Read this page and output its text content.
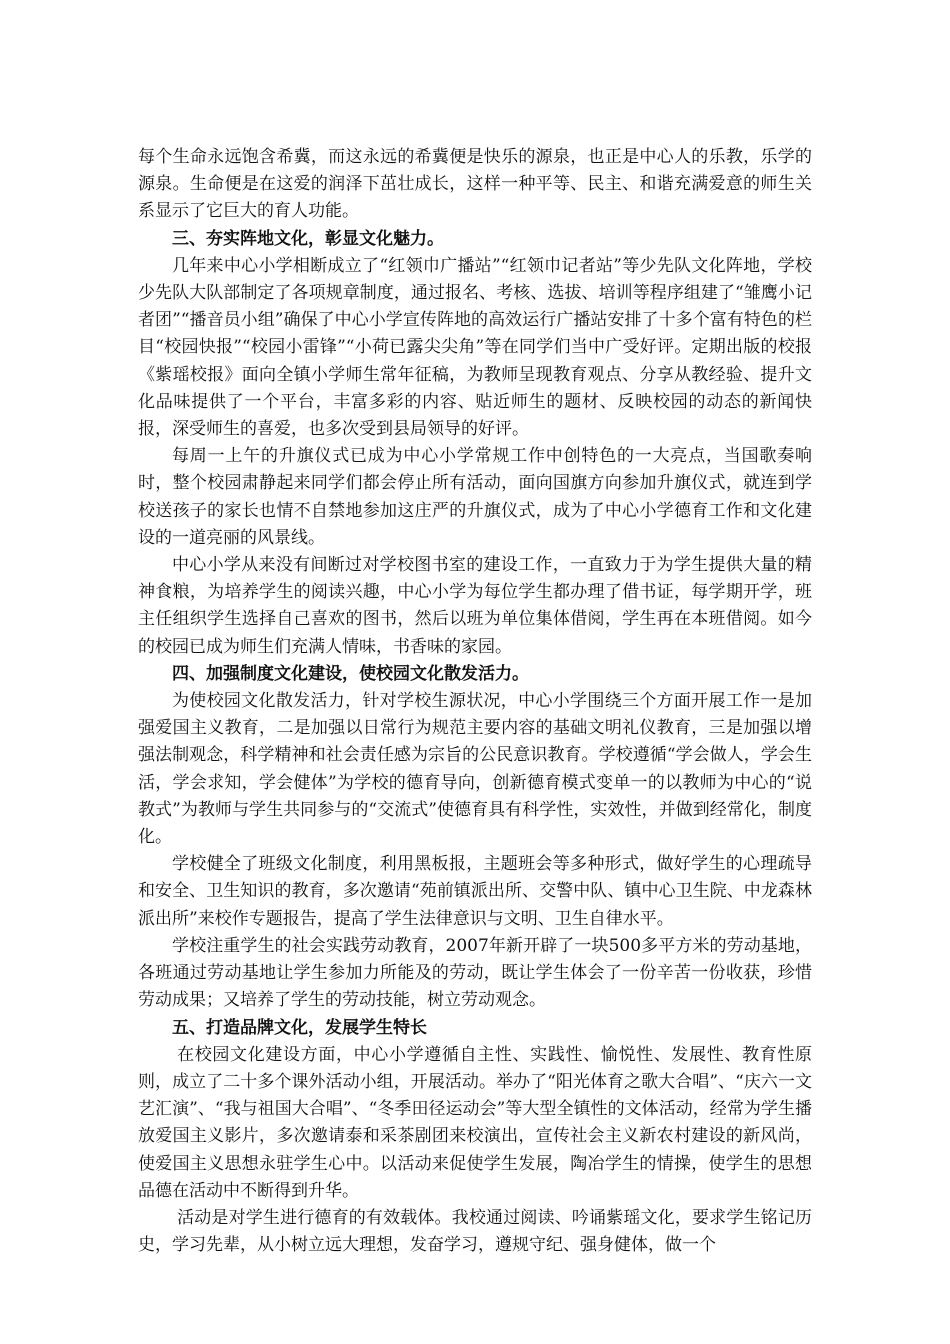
每个生命永远饱含希冀，而这永远的希冀便是快乐的源泉，也正是中心人的乐教，乐学的源泉。生命便是在这爱的润泽下茁壮成长，这样一种平等、民主、和谐充满爱意的师生关系显示了它巨大的育人功能。

三、夯实阵地文化，彰显文化魅力。

几年来中心小学相断成立了“红领巾广播站”“红领巾记者站”等少先队文化阵地，学校少先队大队部制定了各项规章制度，通过报名、考核、选拔、培训等程序组建了“雏鹰小记者团”“播音员小组”确保了中心小学宣传阵地的高效运行广播站安排了十多个富有特色的栏目“校园快报”“校园小雷锋”“小荷已露尖尖角”等在同学们当中广受好评。定期出版的校报《紫瑶校报》面向全镇小学师生常年征稿，为教师呈现教育观点、分享从教经验、提升文化品味提供了一个平台，丰富多彩的内容、贴近师生的题材、反映校园的动态的新闻快报，深受师生的喜爱，也多次受到县局领导的好评。

每周一上午的升旗仪式已成为中心小学常规工作中创特色的一大亮点，当国歌奏响时，整个校园肃静起来同学们都会停止所有活动，面向国旗方向参加升旗仪式，就连到学校送孩子的家长也情不自禁地参加这庄严的升旗仪式，成为了中心小学德育工作和文化建设的一道亮丽的风景线。

中心小学从来没有间断过对学校图书室的建设工作，一直致力于为学生提供大量的精神食粮，为培养学生的阅读兴趣，中心小学为每位学生都办理了借书证，每学期开学，班主任组织学生选择自己喜欢的图书，然后以班为单位集体借阅，学生再在本班借阅。如今的校园已成为师生们充满人情味，书香味的家园。

四、加强制度文化建设，使校园文化散发活力。

为使校园文化散发活力，针对学校生源状况，中心小学围绕三个方面开展工作一是加强爱国主义教育，二是加强以日常行为规范主要内容的基础文明礼仪教育，三是加强以增强法制观念，科学精神和社会责任感为宗旨的公民意识教育。学校遵循“学会做人，学会生活，学会求知，学会健体”为学校的德育导向，创新德育模式变单一的以教师为中心的“说教式”为教师与学生共同参与的“交流式”使德育具有科学性，实效性，并做到经常化，制度化。

学校健全了班级文化制度，利用黑板报，主题班会等多种形式，做好学生的心理疏导和安全、卫生知识的教育，多次邀请“苑前镇派出所、交警中队、镇中心卫生院、中龙森林派出所”来校作专题报告，提高了学生法律意识与文明、卫生自律水平。

学校注重学生的社会实践劳动教育，2007年新开辟了一块500多平方米的劳动基地，各班通过劳动基地让学生参加力所能及的劳动，既让学生体会了一份辛苦一份收获，珍惜劳动成果；又培养了学生的劳动技能，树立劳动观念。

五、打造品牌文化，发展学生特长

在校园文化建设方面，中心小学遵循自主性、实践性、愉悦性、发展性、教育性原则，成立了二十多个课外活动小组，开展活动。举办了“阳光体育之歌大合唱”、“庆六一文艺汇演”、“我与祖国大合唱”、“冬季田径运动会”等大型全镇性的文体活动，经常为学生播放爱国主义影片，多次邀请泰和采茶剧团来校演出，宣传社会主义新农村建设的新风尚，使爱国主义思想永驻学生心中。以活动来促使学生发展，陶冶学生的情操，使学生的思想品德在活动中不断得到升华。

活动是对学生进行德育的有效载体。我校通过阅读、吟诵紫瑶文化，要求学生铭记历史，学习先辈，从小树立远大理想，发奋学习，遵规守纪、强身健体，做一个
